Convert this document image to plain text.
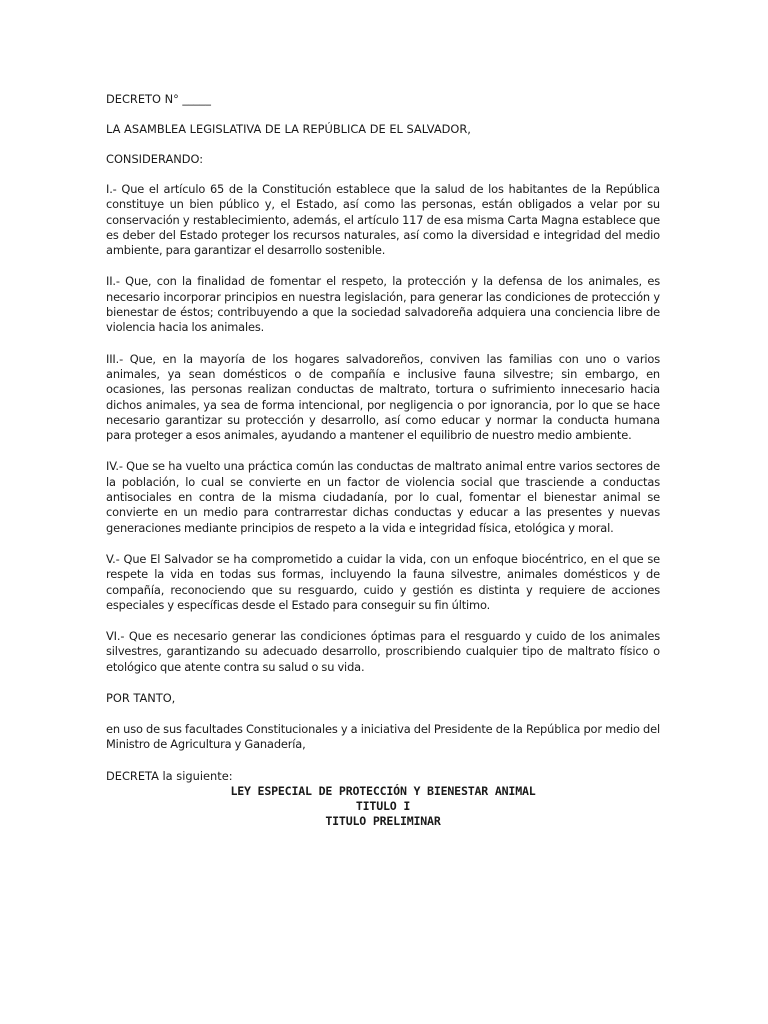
DECRETO N° _____

LA ASAMBLEA LEGISLATIVA DE LA REPÚBLICA DE EL SALVADOR,

CONSIDERANDO:

I.- Que el artículo 65 de la Constitución establece que la salud de los habitantes de la República constituye un bien público y, el Estado, así como las personas, están obligados a velar por su conservación y restablecimiento, además, el artículo 117 de esa misma Carta Magna establece que es deber del Estado proteger los recursos naturales, así como la diversidad e integridad del medio ambiente, para garantizar el desarrollo sostenible.

II.- Que, con la finalidad de fomentar el respeto, la protección y la defensa de los animales, es necesario incorporar principios en nuestra legislación, para generar las condiciones de protección y bienestar de éstos; contribuyendo a que la sociedad salvadoreña adquiera una conciencia libre de violencia hacia los animales.

III.- Que, en la mayoría de los hogares salvadoreños, conviven las familias con uno o varios animales, ya sean domésticos o de compañía e inclusive fauna silvestre; sin embargo, en ocasiones, las personas realizan conductas de maltrato, tortura o sufrimiento innecesario hacia dichos animales, ya sea de forma intencional, por negligencia o por ignorancia, por lo que se hace necesario garantizar su protección y desarrollo, así como educar y normar la conducta humana para proteger a esos animales, ayudando a mantener el equilibrio de nuestro medio ambiente.

IV.- Que se ha vuelto una práctica común las conductas de maltrato animal entre varios sectores de la población, lo cual se convierte en un factor de violencia social que trasciende a conductas antisociales en contra de la misma ciudadanía, por lo cual, fomentar el bienestar animal se convierte en un medio para contrarrestar dichas conductas y educar a las presentes y nuevas generaciones mediante principios de respeto a la vida e integridad física, etológica y moral.

V.- Que El Salvador se ha comprometido a cuidar la vida, con un enfoque biocéntrico, en el que se respete la vida en todas sus formas, incluyendo la fauna silvestre, animales domésticos y de compañía, reconociendo que su resguardo, cuido y gestión es distinta y requiere de acciones especiales y específicas desde el Estado para conseguir su fin último.

VI.- Que es necesario generar las condiciones óptimas para el resguardo y cuido de los animales silvestres, garantizando su adecuado desarrollo, proscribiendo cualquier tipo de maltrato físico o etológico que atente contra su salud o su vida.

POR TANTO,

en uso de sus facultades Constitucionales y a iniciativa del Presidente de la República por medio del Ministro de Agricultura y Ganadería,

DECRETA la siguiente:

LEY ESPECIAL DE PROTECCIÓN Y BIENESTAR ANIMAL

TITULO I

TITULO PRELIMINAR
